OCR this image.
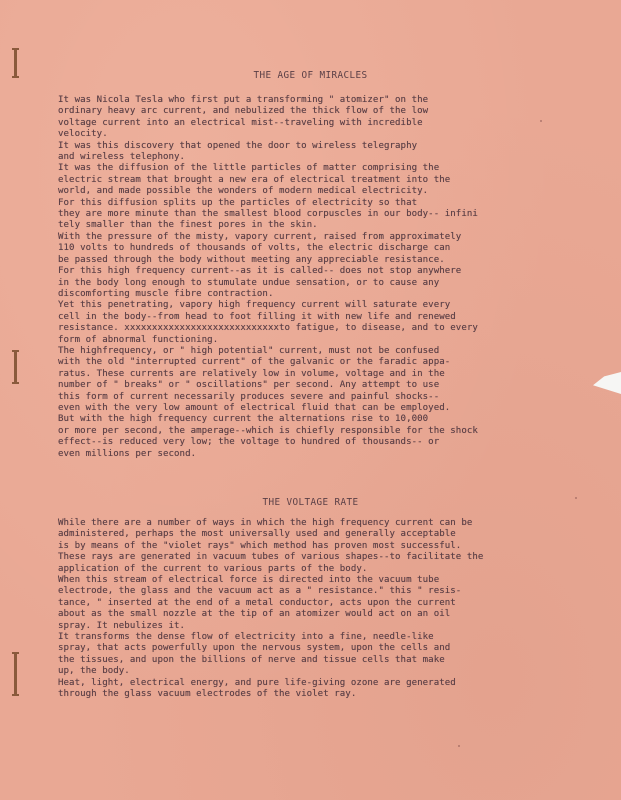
THE AGE OF MIRACLES
It was Nicola Tesla who first put a transforming " atomizer" on the
ordinary heavy arc current, and nebulized the thick flow of the low
voltage current into an electrical mist--traveling with incredible
velocity.
It was this discovery that opened the door to wireless telegraphy
and wireless telephony.
It was the diffusion of the little particles of matter comprising the
electric stream that brought a new era of electrical treatment into the
world, and made possible the wonders of modern medical electricity.
For this diffusion splits up the particles of electricity so that
they are more minute than the smallest blood corpuscles in our body-- infini
tely smaller than the finest pores in the skin.
With the pressure of the misty, vapory current, raised from approximately
110 volts to hundreds of thousands of volts, the electric discharge can
be passed through the body without meeting any appreciable resistance.
For this high frequency current--as it is called-- does not stop anywhere
in the body long enough to stumulate undue sensation, or to cause any
discomforting muscle fibre contraction.
Yet this penetrating, vapory high frequency current will saturate every
cell in the body--from head to foot filling it with new life and renewed
resistance. xxxxxxxxxxxxxxxxxxxxxxxxxxxxto fatigue, to disease, and to every
form of abnormal functioning.
The highfrequency, or " high potential" current, must not be confused
with the old "interrupted current" of the galvanic or the faradic appa-
ratus. These currents are relatively low in volume, voltage and in the
number of " breaks" or " oscillations" per second. Any attempt to use
this form of current necessarily produces severe and painful shocks--
even with the very low amount of electrical fluid that can be employed.
But with the high frequency current the alternations rise to 10,000
or more per second, the amperage--which is chiefly responsible for the shock
effect--is reduced very low; the voltage to hundred of thousands-- or
even millions per second.
THE VOLTAGE RATE
While there are a number of ways in which the high frequency current can be
administered, perhaps the most universally used and generally acceptable
is by means of the "violet rays" which method has proven most successful.
These rays are generated in vacuum tubes of various shapes--to facilitate the
application of the current to various parts of the body.
When this stream of electrical force is directed into the vacuum tube
electrode, the glass and the vacuum act as a " resistance." this " resis-
tance, " inserted at the end of a metal conductor, acts upon the current
about as the small nozzle at the tip of an atomizer would act on an oil
spray. It nebulizes it.
It transforms the dense flow of electricity into a fine, needle-like
spray, that acts powerfully upon the nervous system, upon the cells and
the tissues, and upon the billions of nerve and tissue cells that make
up, the body.
Heat, light, electrical energy, and pure life-giving ozone are generated
through the glass vacuum electrodes of the violet ray.
